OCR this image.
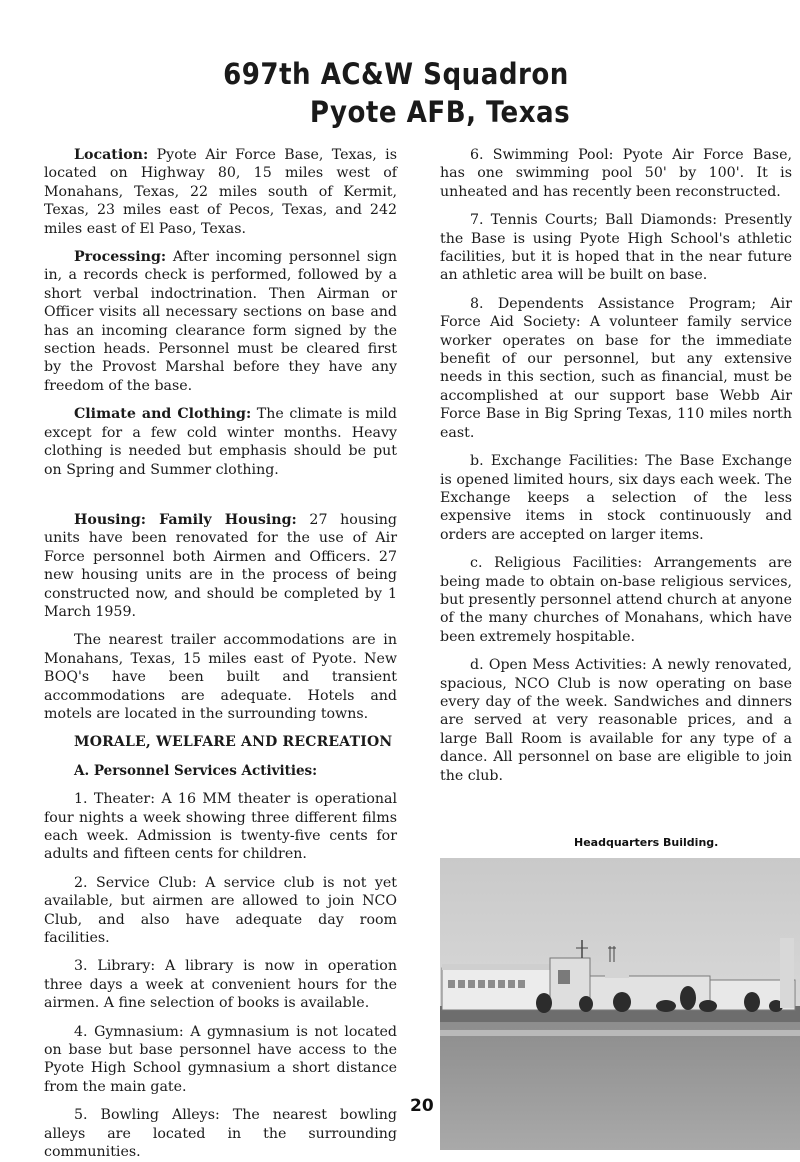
697th AC&W Squadron
Pyote AFB, Texas

Location: Pyote Air Force Base, Texas, is located on Highway 80, 15 miles west of Monahans, Texas, 22 miles south of Kermit, Texas, 23 miles east of Pecos, Texas, and 242 miles east of El Paso, Texas.

Processing: After incoming personnel sign in, a records check is performed, followed by a short verbal indoctrination. Then Airman or Officer visits all necessary sections on base and has an incoming clearance form signed by the section heads. Personnel must be cleared first by the Provost Marshal before they have any freedom of the base.

Climate and Clothing: The climate is mild except for a few cold winter months. Heavy clothing is needed but emphasis should be put on Spring and Summer clothing.

Housing: Family Housing: 27 housing units have been renovated for the use of Air Force personnel both Airmen and Officers. 27 new housing units are in the process of being constructed now, and should be completed by 1 March 1959.

The nearest trailer accommodations are in Monahans, Texas, 15 miles east of Pyote. New BOQ's have been built and transient accommodations are adequate. Hotels and motels are located in the surrounding towns.

MORALE, WELFARE AND RECREATION

A. Personnel Services Activities:

1. Theater: A 16 MM theater is operational four nights a week showing three different films each week. Admission is twenty-five cents for adults and fifteen cents for children.

2. Service Club: A service club is not yet available, but airmen are allowed to join NCO Club, and also have adequate day room facilities.

3. Library: A library is now in operation three days a week at convenient hours for the airmen. A fine selection of books is available.

4. Gymnasium: A gymnasium is not located on base but base personnel have access to the Pyote High School gymnasium a short distance from the main gate.

5. Bowling Alleys: The nearest bowling alleys are located in the surrounding communities.

6. Swimming Pool: Pyote Air Force Base, has one swimming pool 50' by 100'. It is unheated and has recently been reconstructed.

7. Tennis Courts; Ball Diamonds: Presently the Base is using Pyote High School's athletic facilities, but it is hoped that in the near future an athletic area will be built on base.

8. Dependents Assistance Program; Air Force Aid Society: A volunteer family service worker operates on base for the immediate benefit of our personnel, but any extensive needs in this section, such as financial, must be accomplished at our support base Webb Air Force Base in Big Spring Texas, 110 miles north east.

b. Exchange Facilities: The Base Exchange is opened limited hours, six days each week. The Exchange keeps a selection of the less expensive items in stock continuously and orders are accepted on larger items.

c. Religious Facilities: Arrangements are being made to obtain on-base religious services, but presently personnel attend church at anyone of the many churches of Monahans, which have been extremely hospitable.

d. Open Mess Activities: A newly renovated, spacious, NCO Club is now operating on base every day of the week. Sandwiches and dinners are served at very reasonable prices, and a large Ball Room is available for any type of a dance. All personnel on base are eligible to join the club.

Headquarters Building.
20
